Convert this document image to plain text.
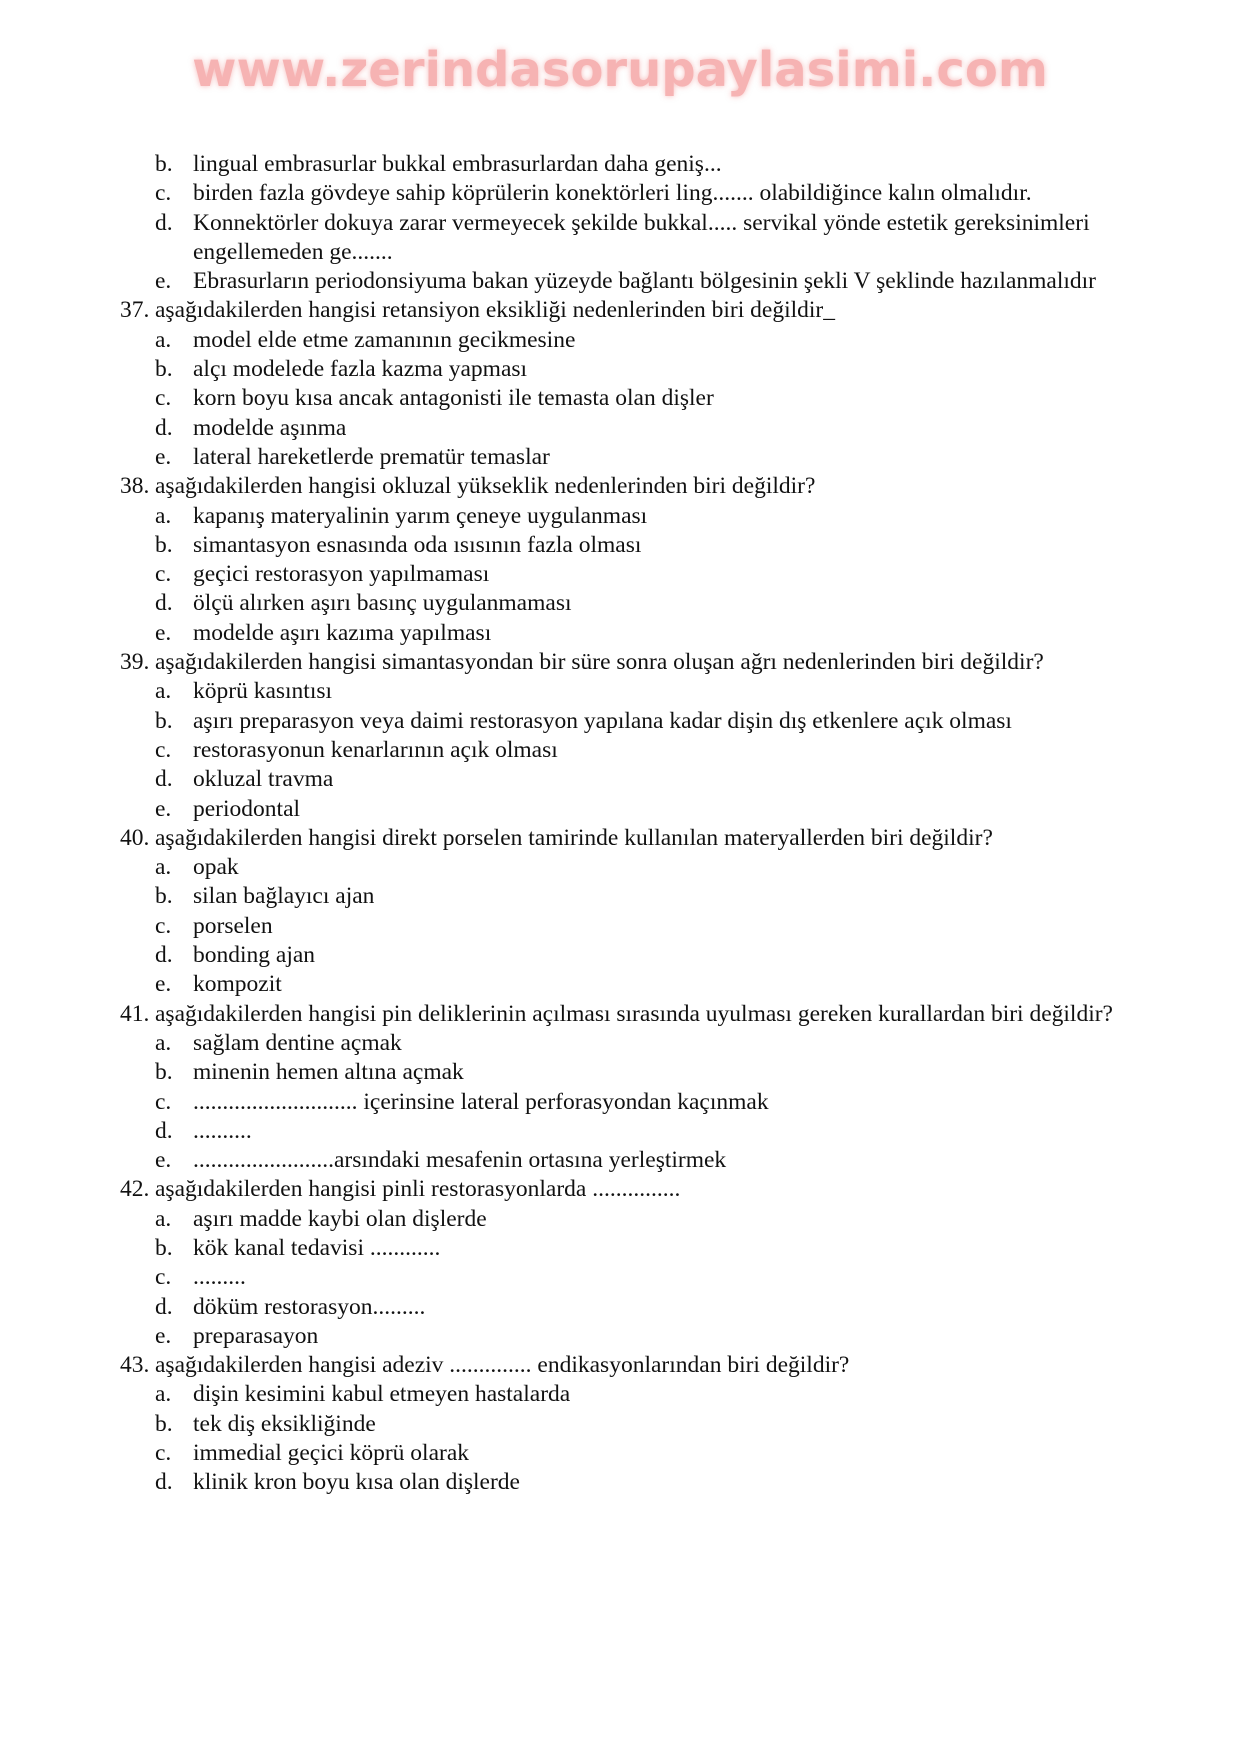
www.zerindasorupaylasimi.com
b. lingual embrasurlar bukkal embrasurlardan daha geniş...
c. birden fazla gövdeye sahip köprülerin konektörleri ling....... olabildiğince kalın olmalıdır.
d. Konnektörler dokuya zarar vermeyecek şekilde bukkal..... servikal yönde estetik gereksinimleri engellemeden ge.......
e. Ebrasurların periodonsiyuma bakan yüzeyde bağlantı bölgesinin şekli V şeklinde hazılanmalıdır
37. aşağıdakilerden hangisi retansiyon eksikliği nedenlerinden biri değildir_
a. model elde etme zamanının gecikmesine
b. alçı modelede fazla kazma yapması
c. korn boyu kısa ancak antagonisti ile temasta olan dişler
d. modelde aşınma
e. lateral hareketlerde prematür temaslar
38. aşağıdakilerden hangisi okluzal yükseklik nedenlerinden biri değildir?
a. kapanış materyalinin yarım çeneye uygulanması
b. simantasyon esnasında oda ısısının fazla olması
c. geçici restorasyon yapılmaması
d. ölçü alırken aşırı basınç uygulanmaması
e. modelde aşırı kazıma yapılması
39. aşağıdakilerden hangisi simantasyondan bir süre sonra oluşan ağrı nedenlerinden biri değildir?
a. köprü kasıntısı
b. aşırı preparasyon veya daimi restorasyon yapılana kadar dişin dış etkenlere açık olması
c. restorasyonun kenarlarının açık olması
d. okluzal travma
e. periodontal
40. aşağıdakilerden hangisi direkt porselen tamirinde kullanılan materyallerden biri değildir?
a. opak
b. silan bağlayıcı ajan
c. porselen
d. bonding ajan
e. kompozit
41. aşağıdakilerden hangisi pin deliklerinin açılması sırasında uyulması gereken kurallardan biri değildir?
a. sağlam dentine açmak
b. minenin hemen altına açmak
c. ............................ içerinsine lateral perforasyondan kaçınmak
d. ..........
e. ........................arsındaki mesafenin ortasına yerleştirmek
42. aşağıdakilerden hangisi pinli restorasyonlarda ...............
a. aşırı madde kaybi olan dişlerde
b. kök kanal tedavisi ............
c. .........
d. döküm restorasyon.........
e. preparasayon
43. aşağıdakilerden hangisi adeziv .............. endikasyonlarından biri değildir?
a. dişin kesimini kabul etmeyen hastalarda
b. tek diş eksikliğinde
c. immedial geçici köprü olarak
d. klinik kron boyu kısa olan dişlerde
